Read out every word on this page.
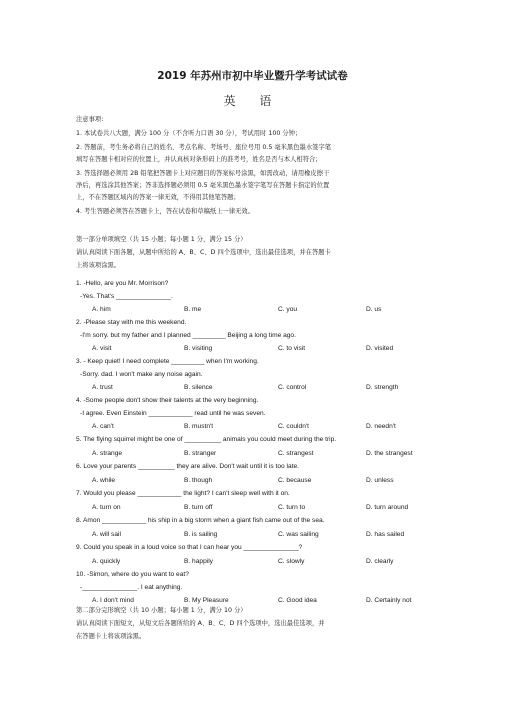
2019 年苏州市初中毕业暨升学考试试卷
英 语
注意事项:
1. 本试卷共八大题，满分 100 分（不含听力口语 30 分），考试用时 100 分钟；
2. 答题前，考生务必将自己的姓名、考点名称、考场号、座位号用 0.5 毫米黑色墨水签字笔
填写在答题卡相对应的位置上，并认真核对条形码上的准考号，姓名是否与本人相符合；
3. 答选择题必须用 2B 铅笔把答题卡上对应题目的答案标号涂黑，如需改动，请用橡皮擦干
净后，再选涂其他答案；答非选择题必须用 0.5 毫米黑色墨水签字笔写在答题卡指定的位置
上，不在答题区域内的答案一律无效，不得用其他笔答题；
4. 考生答题必须答在答题卡上，答在试卷和草稿纸上一律无效。
第一部分单项填空（共 15 小题；每小题 1 分，满分 15 分）
请认真阅读下面各题，从题中所给的 A、B、C、D 四个选项中，选出最佳选项，并在答题卡
上将该项涂黑。
1. -Hello, are you Mr. Morrison?
-Yes. That's _______________.
A. him	B. me	C. you	D. us
2. -Please stay with me this weekend.
-I'm sorry. but my father and I planned _________ Beijing a long time ago.
A. visit	B. visiting	C. to visit	D. visited
3. - Keep quiet! I need complete _________ when I'm working.
-Sorry. dad. I won't make any noise again.
A. trust	B. silence	C. control	D. strength
4. -Some people don't show their talents at the very beginning.
-I agree. Even Einstein ____________ read until he was seven.
A. can't	B. mustn't	C. couldn't	D. needn't
5. The flying squirrel might be one of __________ animals you could meet during the trip.
A. strange	B. stranger	C. strangest	D. the strangest
6. Love your parents __________ they are alive. Don't wait until it is too late.
A. while	B. though	C. because	D. unless
7. Would you please ____________ the light? I can't sleep well with it on.
A. turn on	B. turn off	C. turn to	D. turn around
8. Amon ____________ his ship in a big storm when a giant fish came out of the sea.
A. will sail	B. is sailing	C. was sailing	D. has sailed
9. Could you speak in a loud voice so that I can hear you _______________?
A. quickly	B. happily	C. slowly	D. clearly
10. -Simon, where do you want to eat?
-_______________. I eat anything.
A. I don't mind	B. My Pleasure	C. Good idea	D. Certainly not
第二部分完形填空（共 10 小题；每小题 1 分，满分 10 分）
请认真阅读下面短文，从短文后各题所给的 A、B、C、D 四个选项中，选出最佳选项，并
在答题卡上将该项涂黑。
